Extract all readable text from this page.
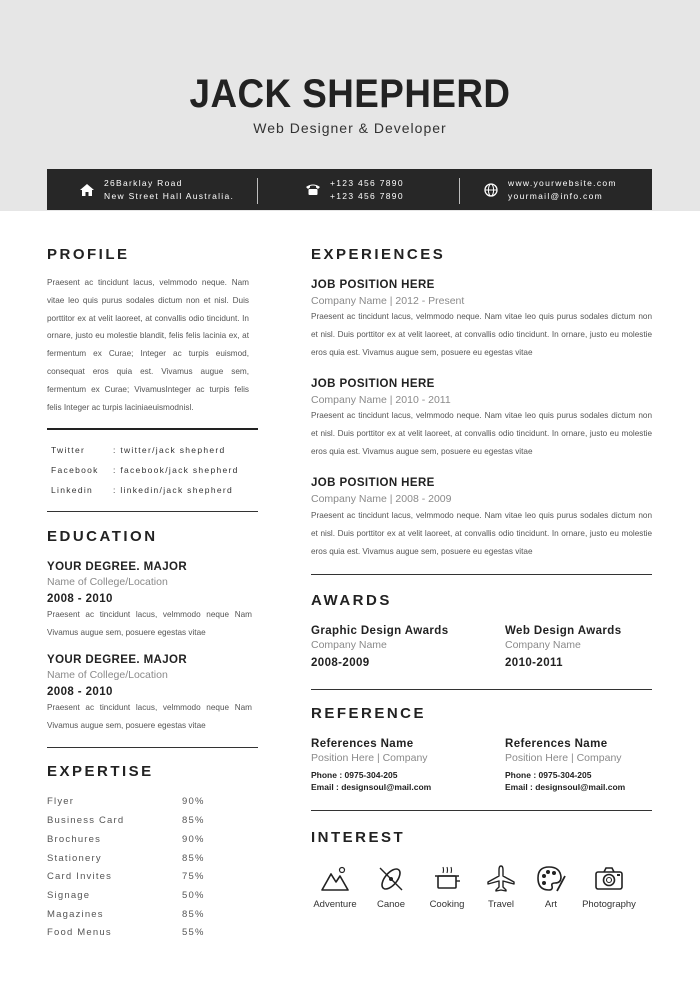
JACK SHEPHERD
Web Designer & Developer
26Barklay Road
New Street Hall Australia.
+123 456 7890
+123 456 7890
www.yourwebsite.com
yourmail@info.com
PROFILE
Praesent ac tincidunt lacus, velmmodo neque. Nam vitae leo quis purus sodales dictum non et nisl. Duis porttitor ex at velit laoreet, at convallis odio tincidunt. In ornare, justo eu molestie blandit, felis felis lacinia ex, at fermentum ex Curae; Integer ac turpis euismod, consequat eros quia est. Vivamus augue sem, fermentum ex Curae; VivamusInteger ac turpis felis felis Integer ac turpis laciniaeuismodnisl.
Twitter	: twitter/jack shepherd
Facebook : facebook/jack shepherd
Linkedin : linkedin/jack shepherd
EDUCATION
YOUR DEGREE. MAJOR
Name of College/Location
2008 - 2010
Praesent ac tincidunt lacus, velmmodo neque Nam Vivamus augue sem, posuere egestas vitae
YOUR DEGREE. MAJOR
Name of College/Location
2008 - 2010
Praesent ac tincidunt lacus, velmmodo neque Nam Vivamus augue sem, posuere egestas vitae
EXPERTISE
Flyer	90%
Business Card	85%
Brochures	90%
Stationery	85%
Card Invites	75%
Signage	50%
Magazines	85%
Food Menus	55%
EXPERIENCES
JOB POSITION HERE
Company Name | 2012 - Present
Praesent ac tincidunt lacus, velmmodo neque. Nam vitae leo quis purus sodales dictum non et nisl. Duis porttitor ex at velit laoreet, at convallis odio tincidunt. In ornare, justo eu molestie eros quia est. Vivamus augue sem, posuere eu egestas vitae
JOB POSITION HERE
Company Name | 2010 - 2011
Praesent ac tincidunt lacus, velmmodo neque. Nam vitae leo quis purus sodales dictum non et nisl. Duis porttitor ex at velit laoreet, at convallis odio tincidunt. In ornare, justo eu molestie eros quia est. Vivamus augue sem, posuere eu egestas vitae
JOB POSITION HERE
Company Name | 2008 - 2009
Praesent ac tincidunt lacus, velmmodo neque. Nam vitae leo quis purus sodales dictum non et nisl. Duis porttitor ex at velit laoreet, at convallis odio tincidunt. In ornare, justo eu molestie eros quia est. Vivamus augue sem, posuere eu egestas vitae
AWARDS
Graphic Design Awards
Company Name
2008-2009
Web Design Awards
Company Name
2010-2011
REFERENCE
References Name
Position Here | Company
Phone : 0975-304-205
Email : designsoul@mail.com
References Name
Position Here | Company
Phone : 0975-304-205
Email : designsoul@mail.com
INTEREST
Adventure	Canoe	Cooking	Travel	Art	Photography
